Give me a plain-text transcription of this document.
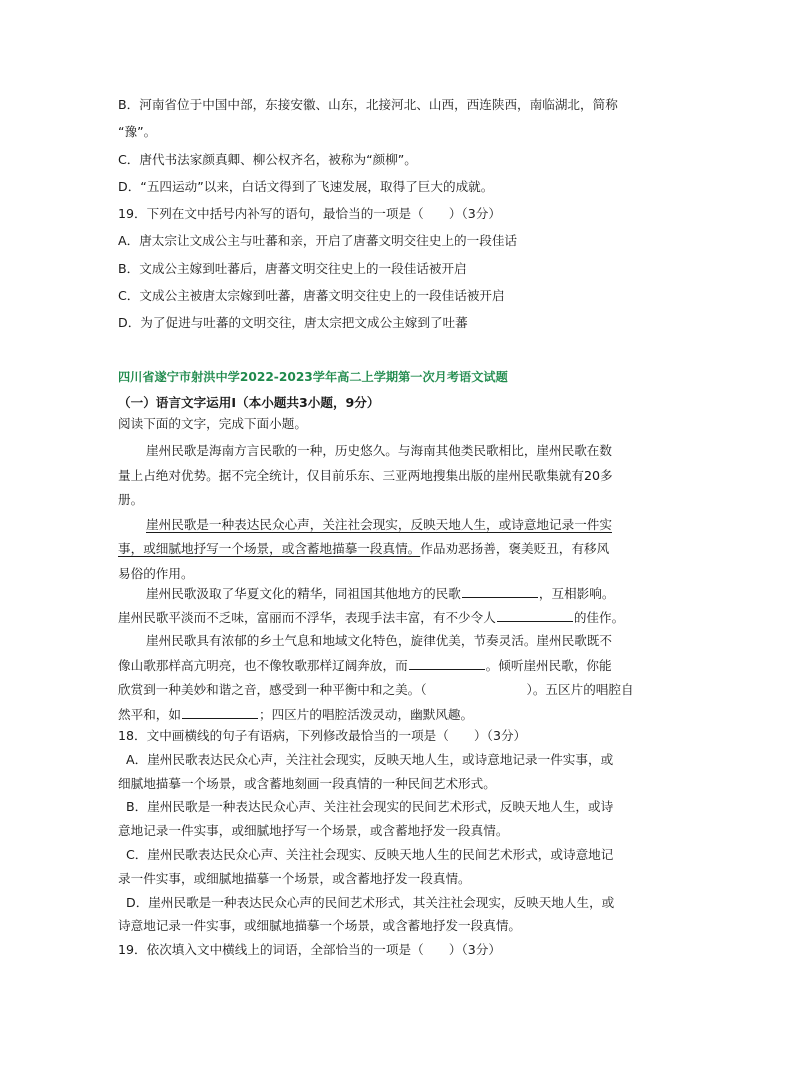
B．河南省位于中国中部，东接安徽、山东，北接河北、山西，西连陕西，南临湖北，简称
“豫”。
C．唐代书法家颜真卿、柳公权齐名，被称为“颜柳”。
D．“五四运动”以来，白话文得到了飞速发展，取得了巨大的成就。
19．下列在文中括号内补写的语句，最恰当的一项是（　　）（3分）
A．唐太宗让文成公主与吐蕃和亲，开启了唐蕃文明交往史上的一段佳话
B．文成公主嫁到吐蕃后，唐蕃文明交往史上的一段佳话被开启
C．文成公主被唐太宗嫁到吐蕃，唐蕃文明交往史上的一段佳话被开启
D．为了促进与吐蕃的文明交往，唐太宗把文成公主嫁到了吐蕃
四川省遂宁市射洪中学2022-2023学年高二上学期第一次月考语文试题
（一）语言文字运用Ⅰ（本小题共3小题，9分）
阅读下面的文字，完成下面小题。
崖州民歌是海南方言民歌的一种，历史悠久。与海南其他类民歌相比，崖州民歌在数
量上占绝对优势。据不完全统计，仅目前乐东、三亚两地搜集出版的崖州民歌集就有20多
册。
崖州民歌是一种表达民众心声，关注社会现实，反映天地人生，或诗意地记录一件实
事，或细腻地抒写一个场景，或含蓄地描摹一段真情。作品劝恶扬善，褒美贬丑，有移风
易俗的作用。
崖州民歌汲取了华夏文化的精华，同祖国其他地方的民歌	，互相影响。
崖州民歌平淡而不乏味，富丽而不浮华，表现手法丰富，有不少令人	的佳作。
崖州民歌具有浓郁的乡土气息和地域文化特色，旋律优美，节奏灵活。崖州民歌既不
像山歌那样高亢明亮，也不像牧歌那样辽阔奔放，而	。倾听崖州民歌，你能
欣赏到一种美妙和谐之音，感受到一种平衡中和之美。（	）。五区片的唱腔自
然平和，如	；四区片的唱腔活泼灵动，幽默风趣。
18．文中画横线的句子有语病，下列修改最恰当的一项是（　　）（3分）
A．崖州民歌表达民众心声，关注社会现实，反映天地人生，或诗意地记录一件实事，或
细腻地描摹一个场景，或含蓄地刻画一段真情的一种民间艺术形式。
B．崖州民歌是一种表达民众心声、关注社会现实的民间艺术形式，反映天地人生，或诗
意地记录一件实事，或细腻地抒写一个场景，或含蓄地抒发一段真情。
C．崖州民歌表达民众心声、关注社会现实、反映天地人生的民间艺术形式，或诗意地记
录一件实事，或细腻地描摹一个场景，或含蓄地抒发一段真情。
D．崖州民歌是一种表达民众心声的民间艺术形式，其关注社会现实，反映天地人生，或
诗意地记录一件实事，或细腻地描摹一个场景，或含蓄地抒发一段真情。
19．依次填入文中横线上的词语，全部恰当的一项是（　　）（3分）
